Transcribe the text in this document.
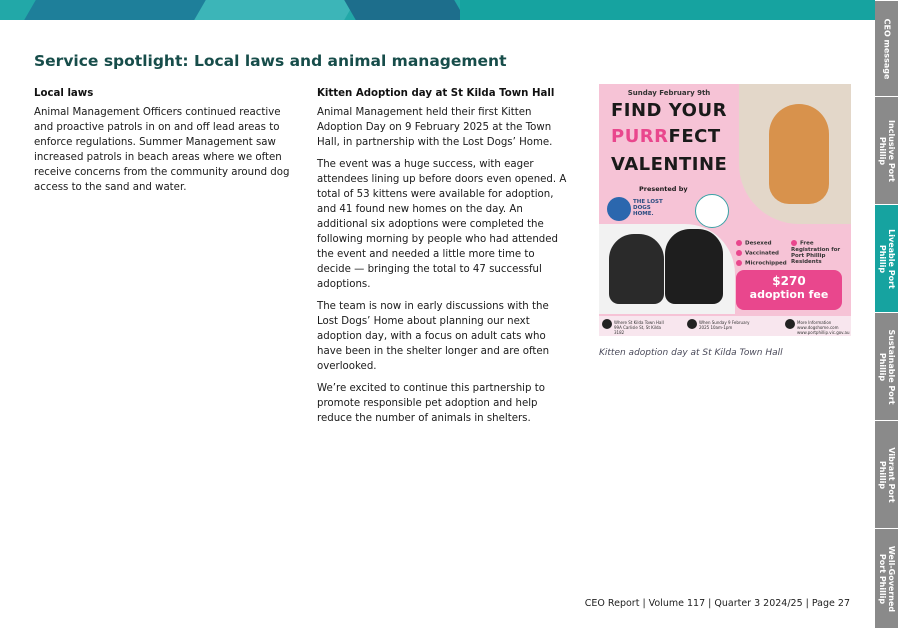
Service spotlight: Local laws and animal management
Local laws

Animal Management Officers continued reactive and proactive patrols in on and off lead areas to enforce regulations. Summer Management saw increased patrols in beach areas where we often receive concerns from the community around dog access to the sand and water.

Kitten Adoption day at St Kilda Town Hall

Animal Management held their first Kitten Adoption Day on 9 February 2025 at the Town Hall, in partnership with the Lost Dogs’ Home.

The event was a huge success, with eager attendees lining up before doors even opened. A total of 53 kittens were available for adoption, and 41 found new homes on the day. An additional six adoptions were completed the following morning by people who had attended the event and needed a little more time to decide — bringing the total to 47 successful adoptions.

The team is now in early discussions with the Lost Dogs’ Home about planning our next adoption day, with a focus on adult cats who have been in the shelter longer and are often overlooked.

We’re excited to continue this partnership to promote responsible pet adoption and help reduce the number of animals in shelters.

Sunday February 9th
FIND YOUR
PURRFECT
VALENTINE
Presented by
THE LOST DOGS HOME.
Desexed
Vaccinated
Microchipped
Free Registration for Port Phillip Residents
$270
adoption fee
Where St Kilda Town Hall 99A Carlisle St, St Kilda 3182
When Sunday 9 February 2025 10am-1pm
More Information www.dogshome.com www.portphillip.vic.gov.au
Kitten adoption day at St Kilda Town Hall
CEO Report | Volume 117 | Quarter 3 2024/25 | Page 27
CEO message
Inclusive Port Phillip
Liveable Port Phillip
Sustainable Port Phillip
Vibrant Port Phillip
Well-Governed Port Phillip
